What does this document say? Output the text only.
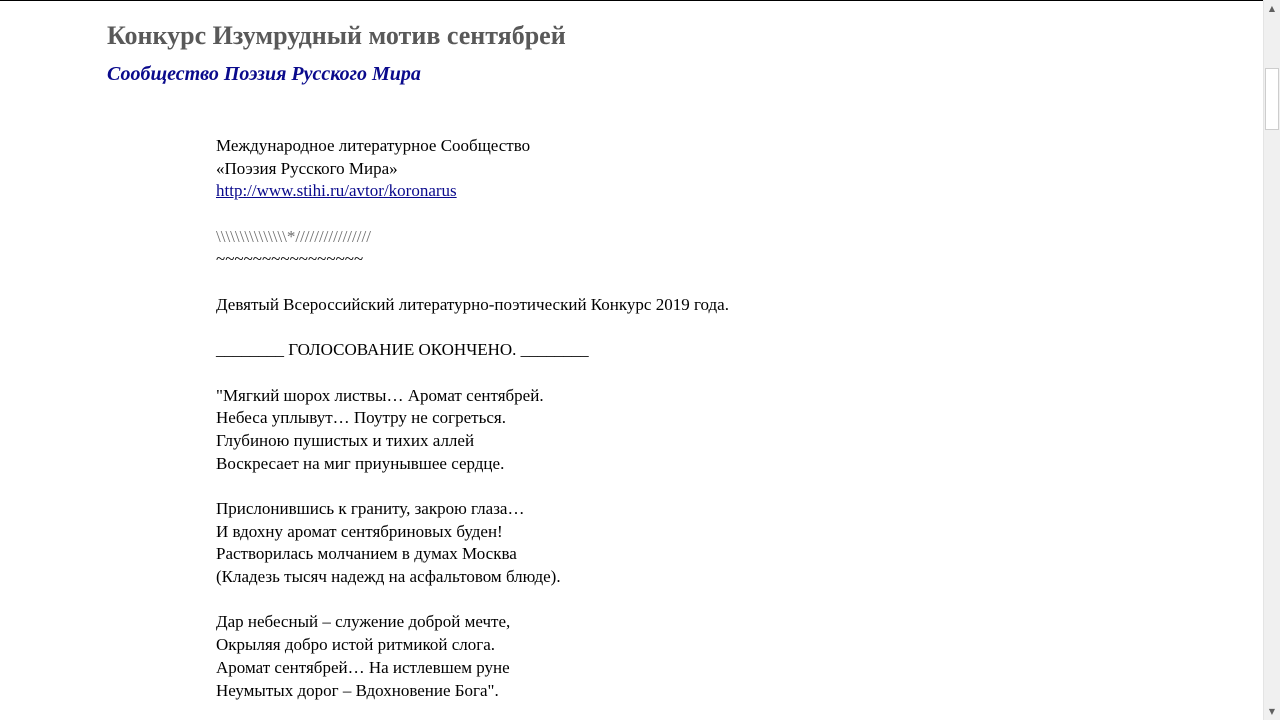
Конкурс Изумрудный мотив сентябрей
Сообщество Поэзия Русского Мира
Международное литературное Сообщество
«Поэзия Русского Мира»
http://www.stihi.ru/avtor/koronarus
\\\\\\\\\\\\\\\*////////////////
~~~~~~~~~~~~~~~~
Девятый Всероссийский литературно-поэтический Конкурс 2019 года.
________ ГОЛОСОВАНИЕ ОКОНЧЕНО. ________
"Мягкий шорох листвы… Аромат сентябрей.
Небеса уплывут… Поутру не согреться.
Глубиною пушистых и тихих аллей
Воскресает на миг приунывшее сердце.
Прислонившись к граниту, закрою глаза…
И вдохну аромат сентябриновых буден!
Растворилась молчанием в думах Москва
(Кладезь тысяч надежд на асфальтовом блюде).
Дар небесный – служение доброй мечте,
Окрыляя добро истой ритмикой слога.
Аромат сентябрей… На истлевшем руне
Неумытых дорог – Вдохновение Бога".
▲
▼
